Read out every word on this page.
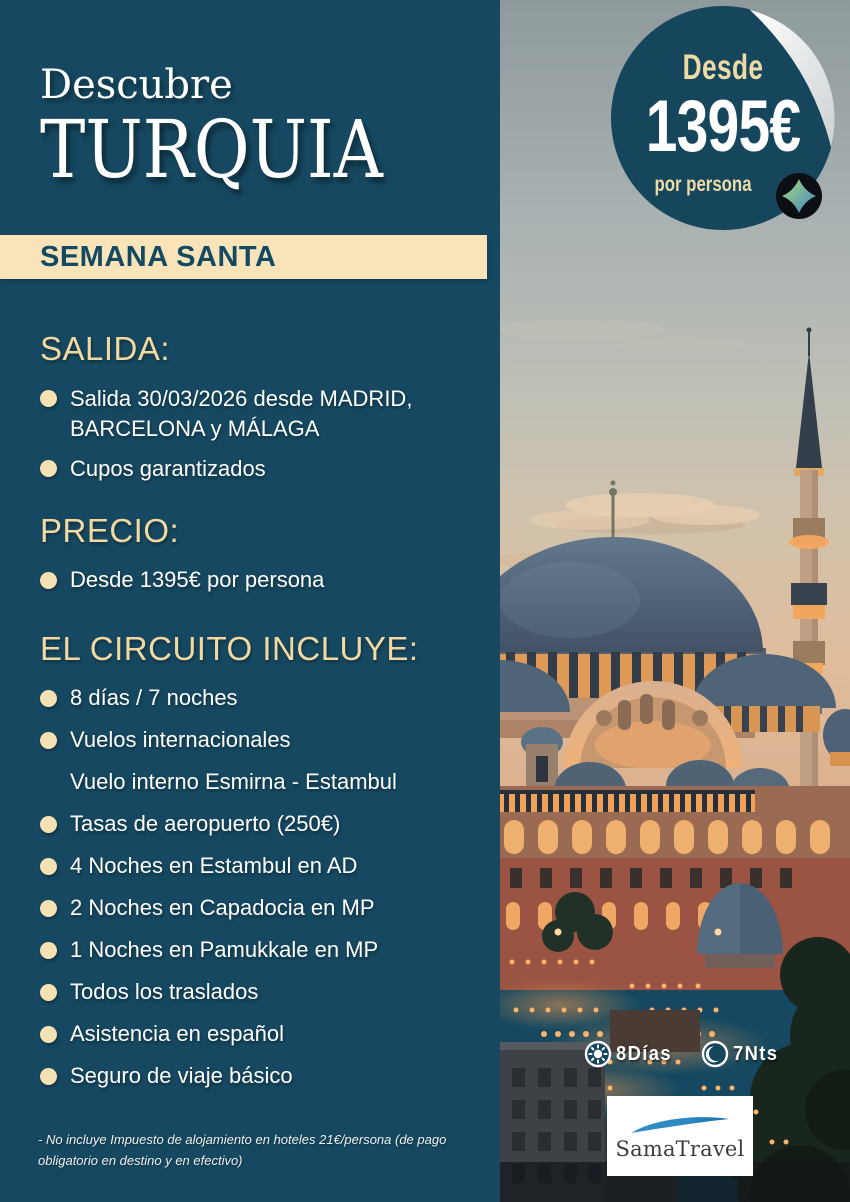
Desde
1395€
por persona
Descubre
TURQUIA
SEMANA SANTA
SALIDA:
Salida 30/03/2026 desde MADRID, BARCELONA y MÁLAGA
Cupos garantizados
PRECIO:
Desde 1395€ por persona
EL CIRCUITO INCLUYE:
8 días / 7 noches
Vuelos internacionales
Vuelo interno Esmirna - Estambul
Tasas de aeropuerto (250€)
4 Noches en Estambul en AD
2 Noches en Capadocia en MP
1 Noches en Pamukkale en MP
Todos los traslados
Asistencia en español
Seguro de viaje básico
- No incluye Impuesto de alojamiento en hoteles 21€/persona (de pago obligatorio en destino y en efectivo)
8Días	7Nts
SamaTravel
